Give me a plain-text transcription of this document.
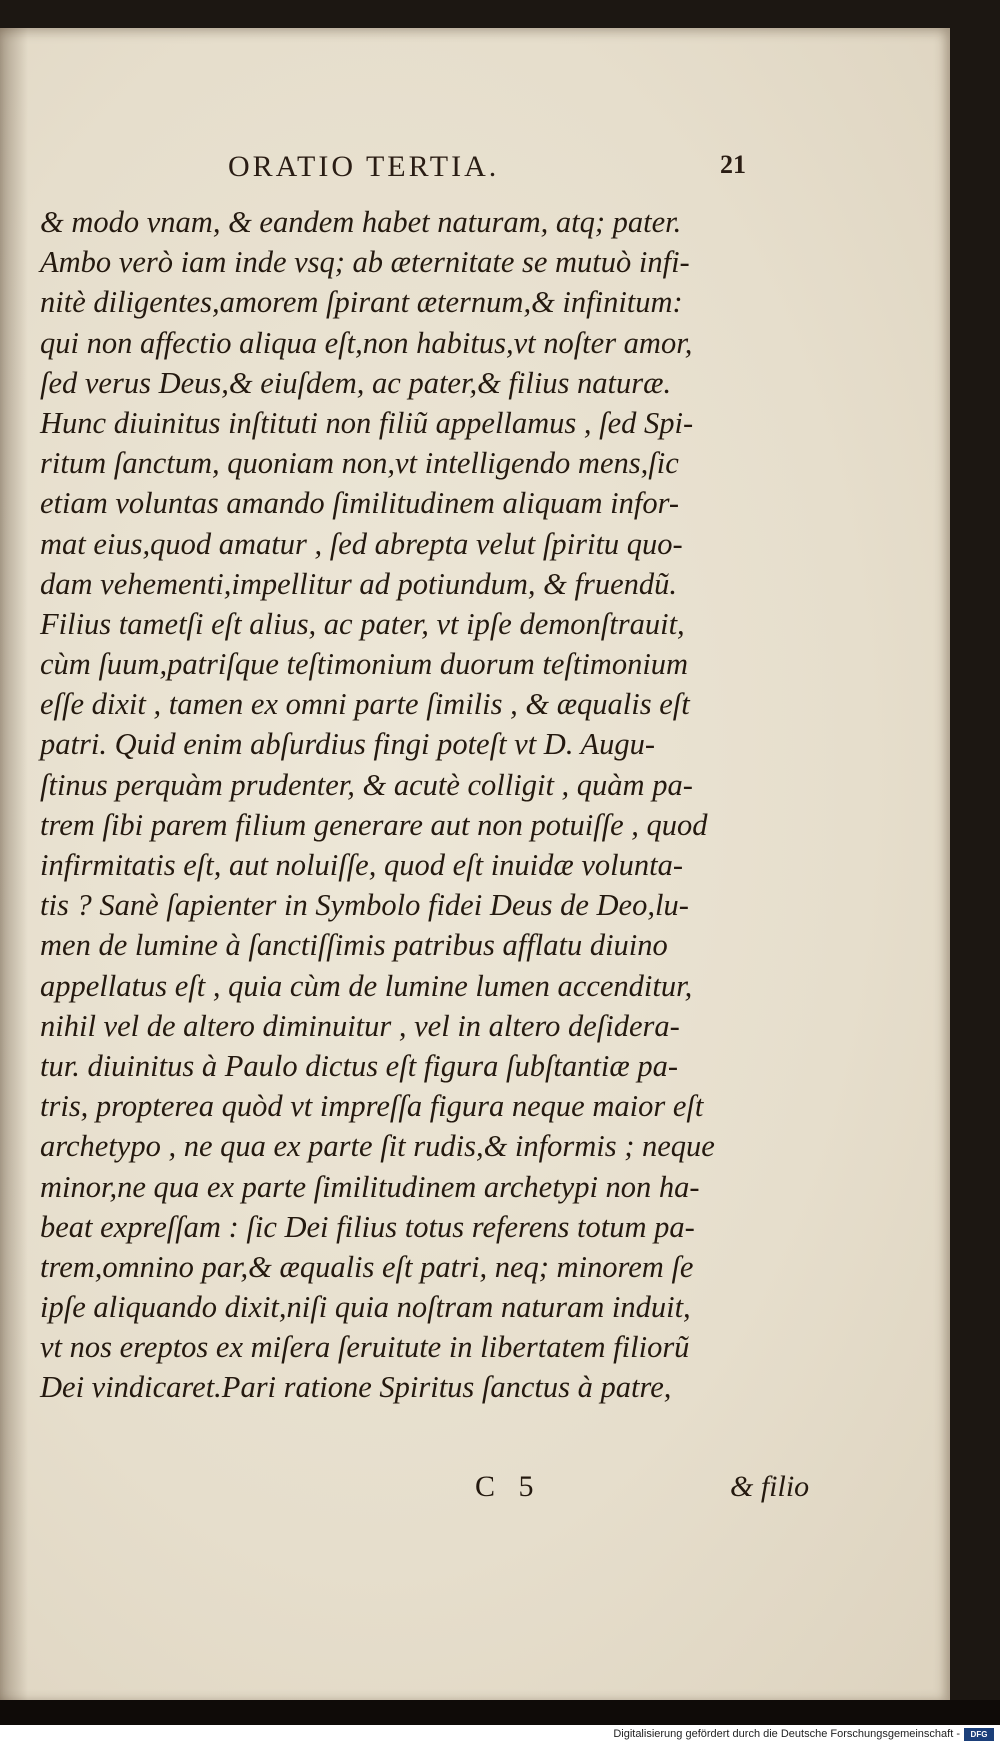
ORATIO TERTIA.	21
& modo vnam, & eandem habet naturam, atq; pater.
Ambo verò iam inde vsq; ab æternitate se mutuò infi-
nitè diligentes,amorem ſpirant æternum,& infinitum:
qui non affectio aliqua eſt,non habitus,vt noſter amor,
ſed verus Deus,& eiuſdem, ac pater,& filius naturæ.
Hunc diuinitus inſtituti non filiũ appellamus , ſed Spi-
ritum ſanctum, quoniam non,vt intelligendo mens,ſic
etiam voluntas amando ſimilitudinem aliquam infor-
mat eius,quod amatur , ſed abrepta velut ſpiritu quo-
dam vehementi,impellitur ad potiundum, & fruendũ.
Filius tametſi eſt alius, ac pater, vt ipſe demonſtrauit,
cùm ſuum,patriſque teſtimonium duorum teſtimonium
eſſe dixit , tamen ex omni parte ſimilis , & æqualis eſt
patri. Quid enim abſurdius fingi poteſt vt D. Augu-
ſtinus perquàm prudenter, & acutè colligit , quàm pa-
trem ſibi parem filium generare aut non potuiſſe , quod
infirmitatis eſt, aut noluiſſe, quod eſt inuidæ volunta-
tis ? Sanè ſapienter in Symbolo fidei Deus de Deo,lu-
men de lumine à ſanctiſſimis patribus afflatu diuino
appellatus eſt , quia cùm de lumine lumen accenditur,
nihil vel de altero diminuitur , vel in altero deſidera-
tur. diuinitus à Paulo dictus eſt figura ſubſtantiæ pa-
tris, propterea quòd vt impreſſa figura neque maior eſt
archetypo , ne qua ex parte ſit rudis,& informis ; neque
minor,ne qua ex parte ſimilitudinem archetypi non ha-
beat expreſſam : ſic Dei filius totus referens totum pa-
trem,omnino par,& æqualis eſt patri, neq; minorem ſe
ipſe aliquando dixit,niſi quia noſtram naturam induit,
vt nos ereptos ex miſera ſeruitute in libertatem filiorũ
Dei vindicaret.Pari ratione Spiritus ſanctus à patre,
C 5	& filio
Digitalisierung gefördert durch die Deutsche Forschungsgemeinschaft -	DFG
